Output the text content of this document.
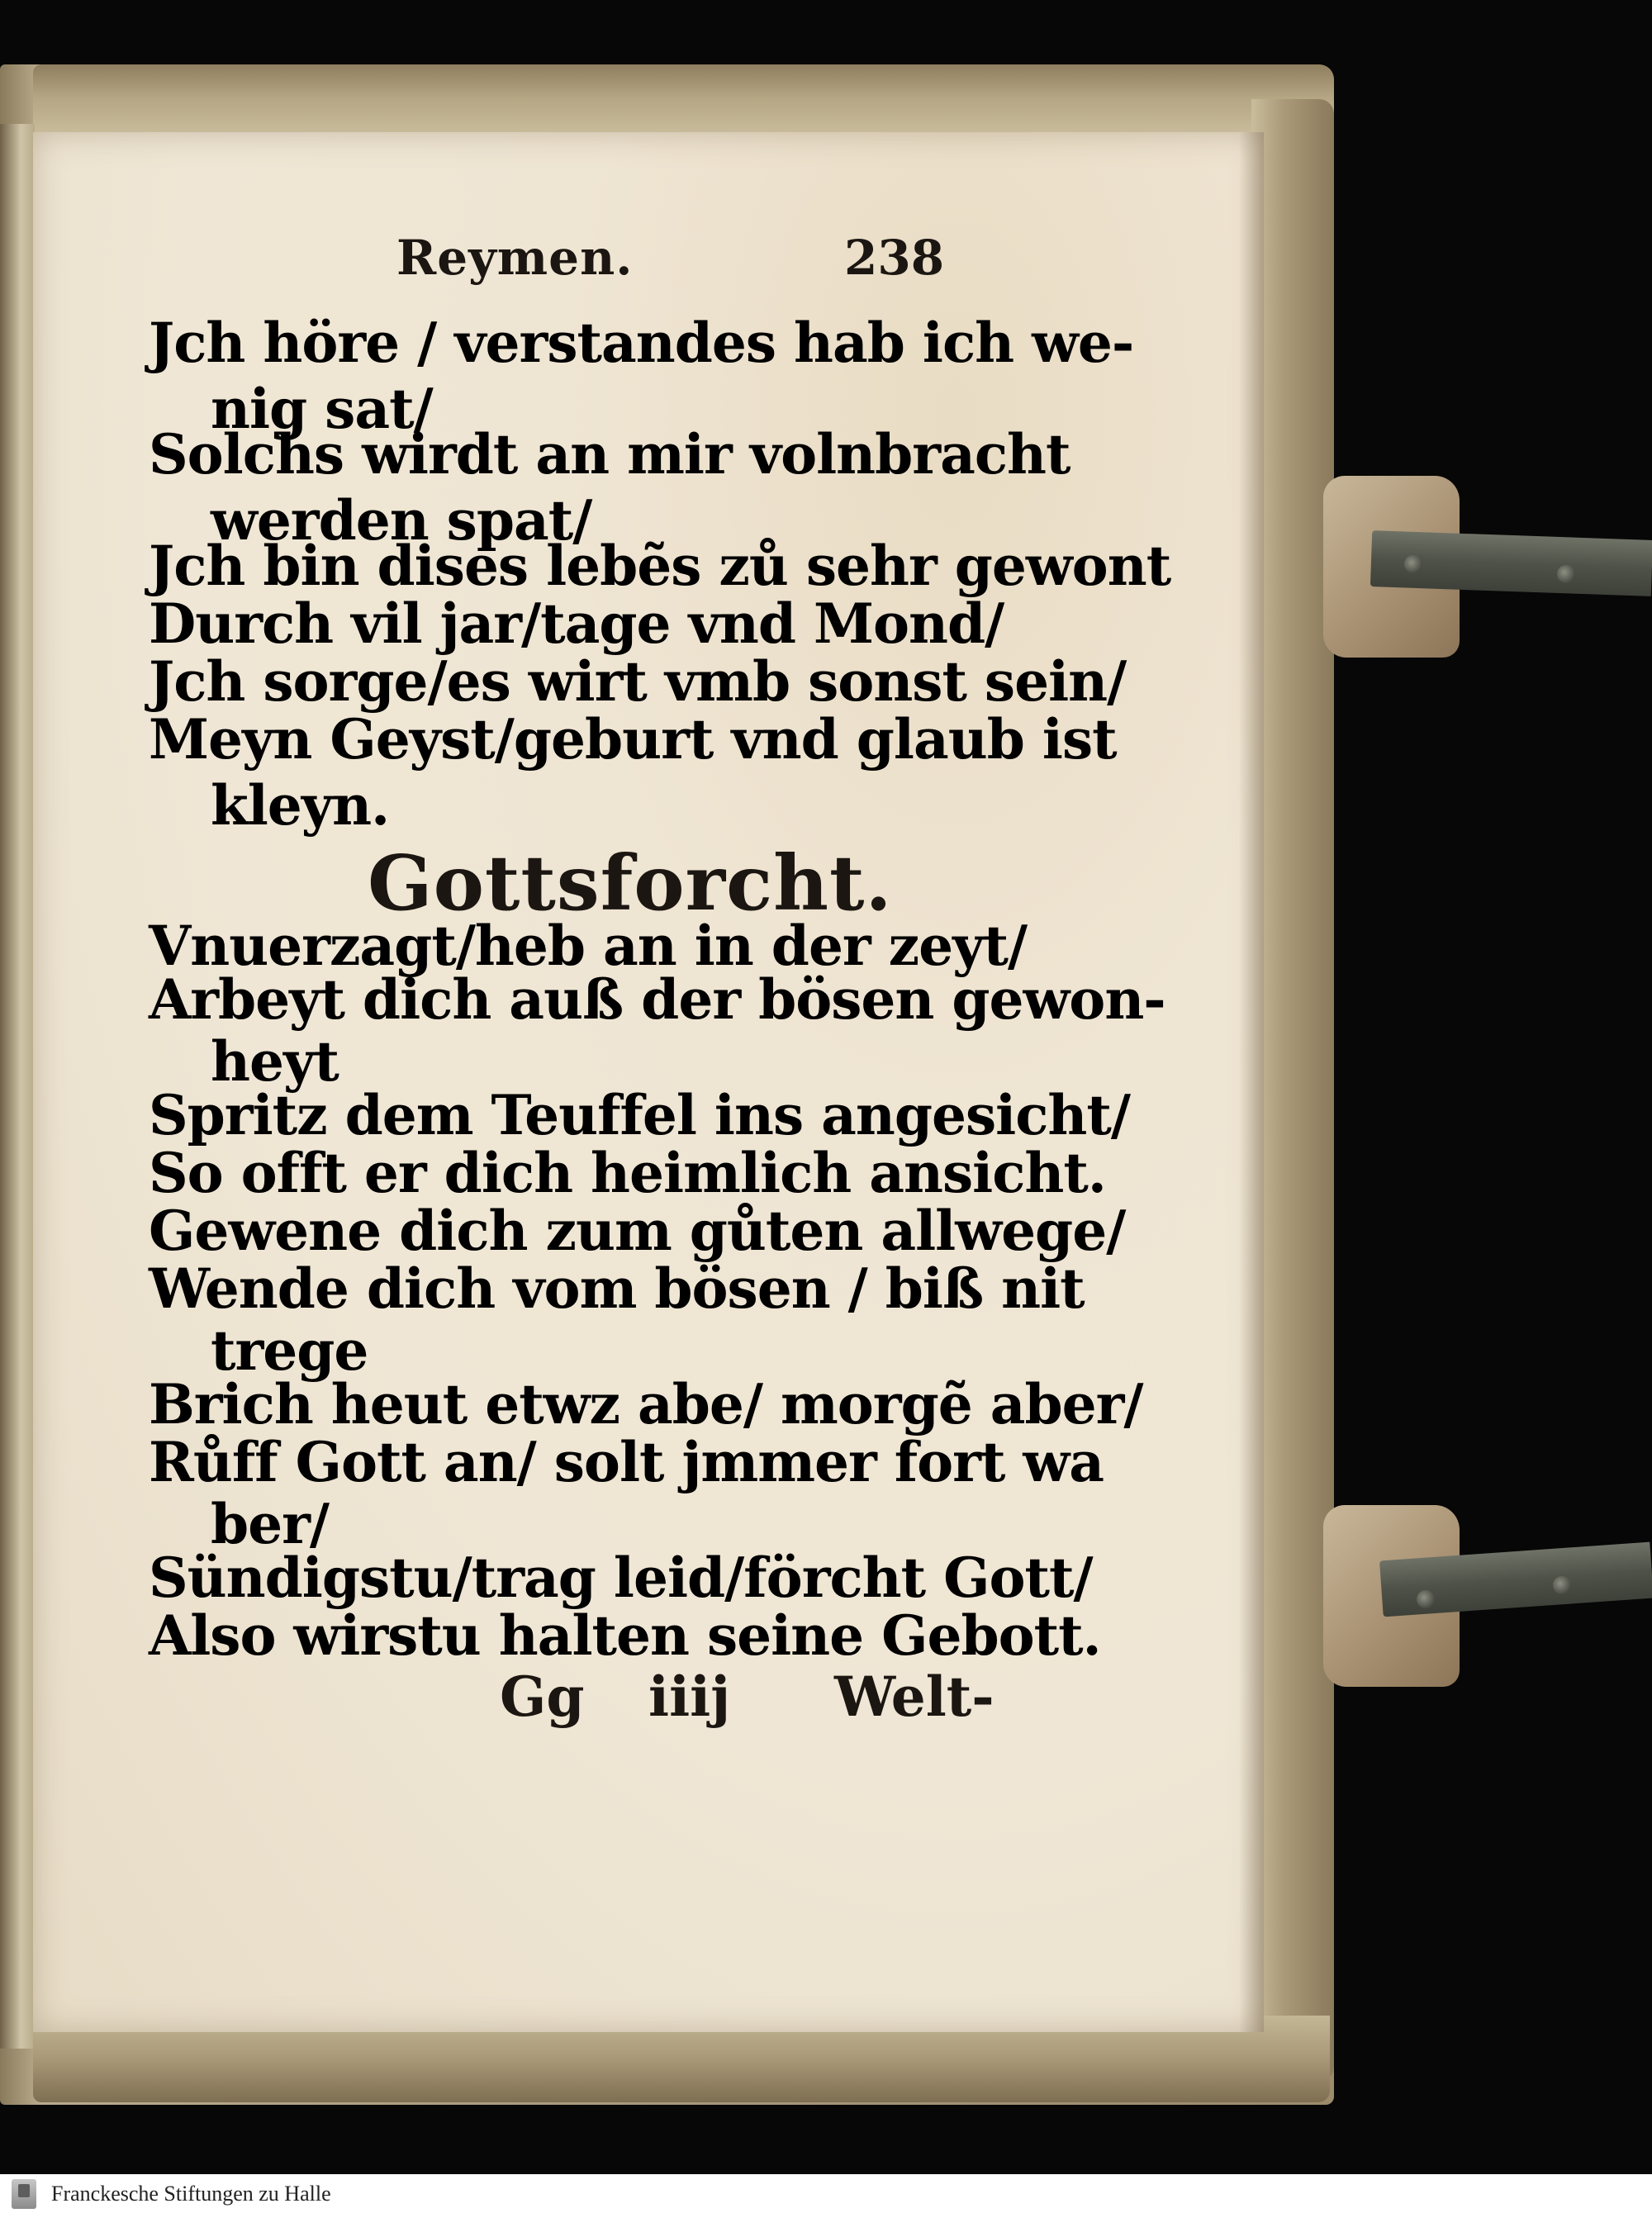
Reymen.	238
Jch höre / verstandes hab ich we-
nig sat/
Solchs wirdt an mir volnbracht
werden spat/
Jch bin dises lebẽs zů sehr gewont
Durch vil jar/tage vnd Mond/
Jch sorge/es wirt vmb sonst sein/
Meyn Geyst/geburt vnd glaub ist
kleyn.
Gottsforcht.
Vnuerzagt/heb an in der zeyt/
Arbeyt dich auß der bösen gewon-
heyt
Spritz dem Teuffel ins angesicht/
So offt er dich heimlich ansicht.
Gewene dich zum gůten allwege/
Wende dich vom bösen / biß nit
trege
Brich heut etwz abe/ morgẽ aber/
Růff Gott an/ solt jmmer fort wa
ber/
Sündigstu/trag leid/förcht Gott/
Also wirstu halten seine Gebott.
Gg iiij Welt-
Franckesche Stiftungen zu Halle
